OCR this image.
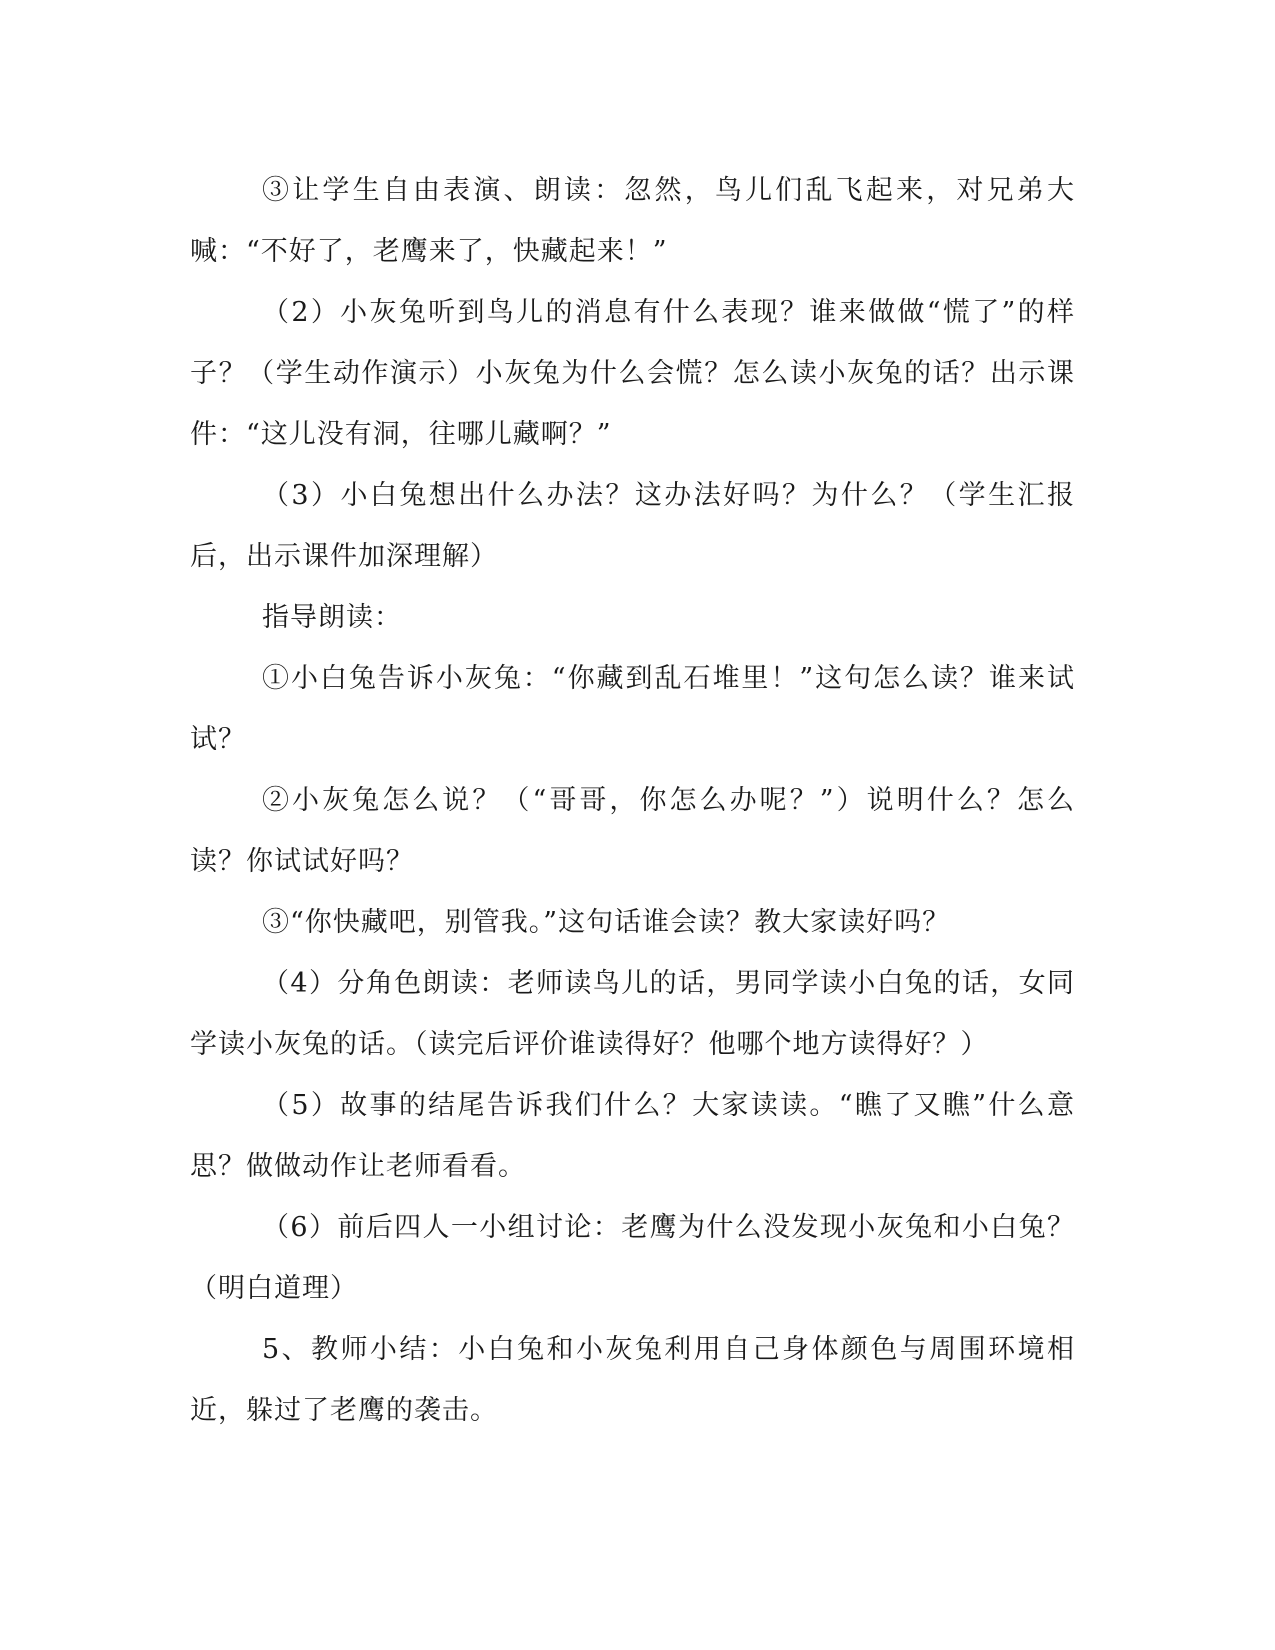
③让学生自由表演、朗读：忽然，鸟儿们乱飞起来，对兄弟大喊：“不好了，老鹰来了，快藏起来！”

（2）小灰兔听到鸟儿的消息有什么表现？谁来做做“慌了”的样子？（学生动作演示）小灰兔为什么会慌？怎么读小灰兔的话？出示课件：“这儿没有洞，往哪儿藏啊？”

（3）小白兔想出什么办法？这办法好吗？为什么？（学生汇报后，出示课件加深理解）

指导朗读：

①小白兔告诉小灰兔：“你藏到乱石堆里！”这句怎么读？谁来试试？

②小灰兔怎么说？（“哥哥，你怎么办呢？”）说明什么？怎么读？你试试好吗？

③“你快藏吧，别管我。”这句话谁会读？教大家读好吗？

（4）分角色朗读：老师读鸟儿的话，男同学读小白兔的话，女同学读小灰兔的话。（读完后评价谁读得好？他哪个地方读得好？）

（5）故事的结尾告诉我们什么？大家读读。“瞧了又瞧”什么意思？做做动作让老师看看。

（6）前后四人一小组讨论：老鹰为什么没发现小灰兔和小白兔？（明白道理）

5、教师小结：小白兔和小灰兔利用自己身体颜色与周围环境相近，躲过了老鹰的袭击。
